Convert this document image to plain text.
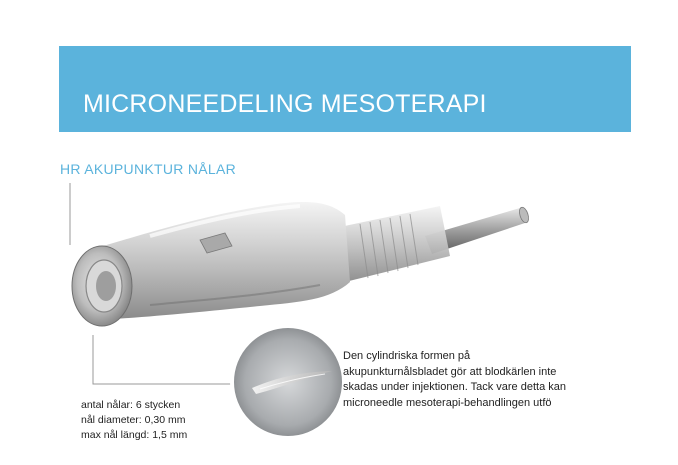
MICRONEEDELING MESOTERAPI
HR AKUPUNKTUR NÅLAR
antal nålar: 6 stycken
nål diameter: 0,30 mm
max nål längd: 1,5 mm
Den cylindriska formen på
akupunkturnålsbladet gör att blodkärlen inte
skadas under injektionen. Tack vare detta kan
microneedle mesoterapi-behandlingen utfö
